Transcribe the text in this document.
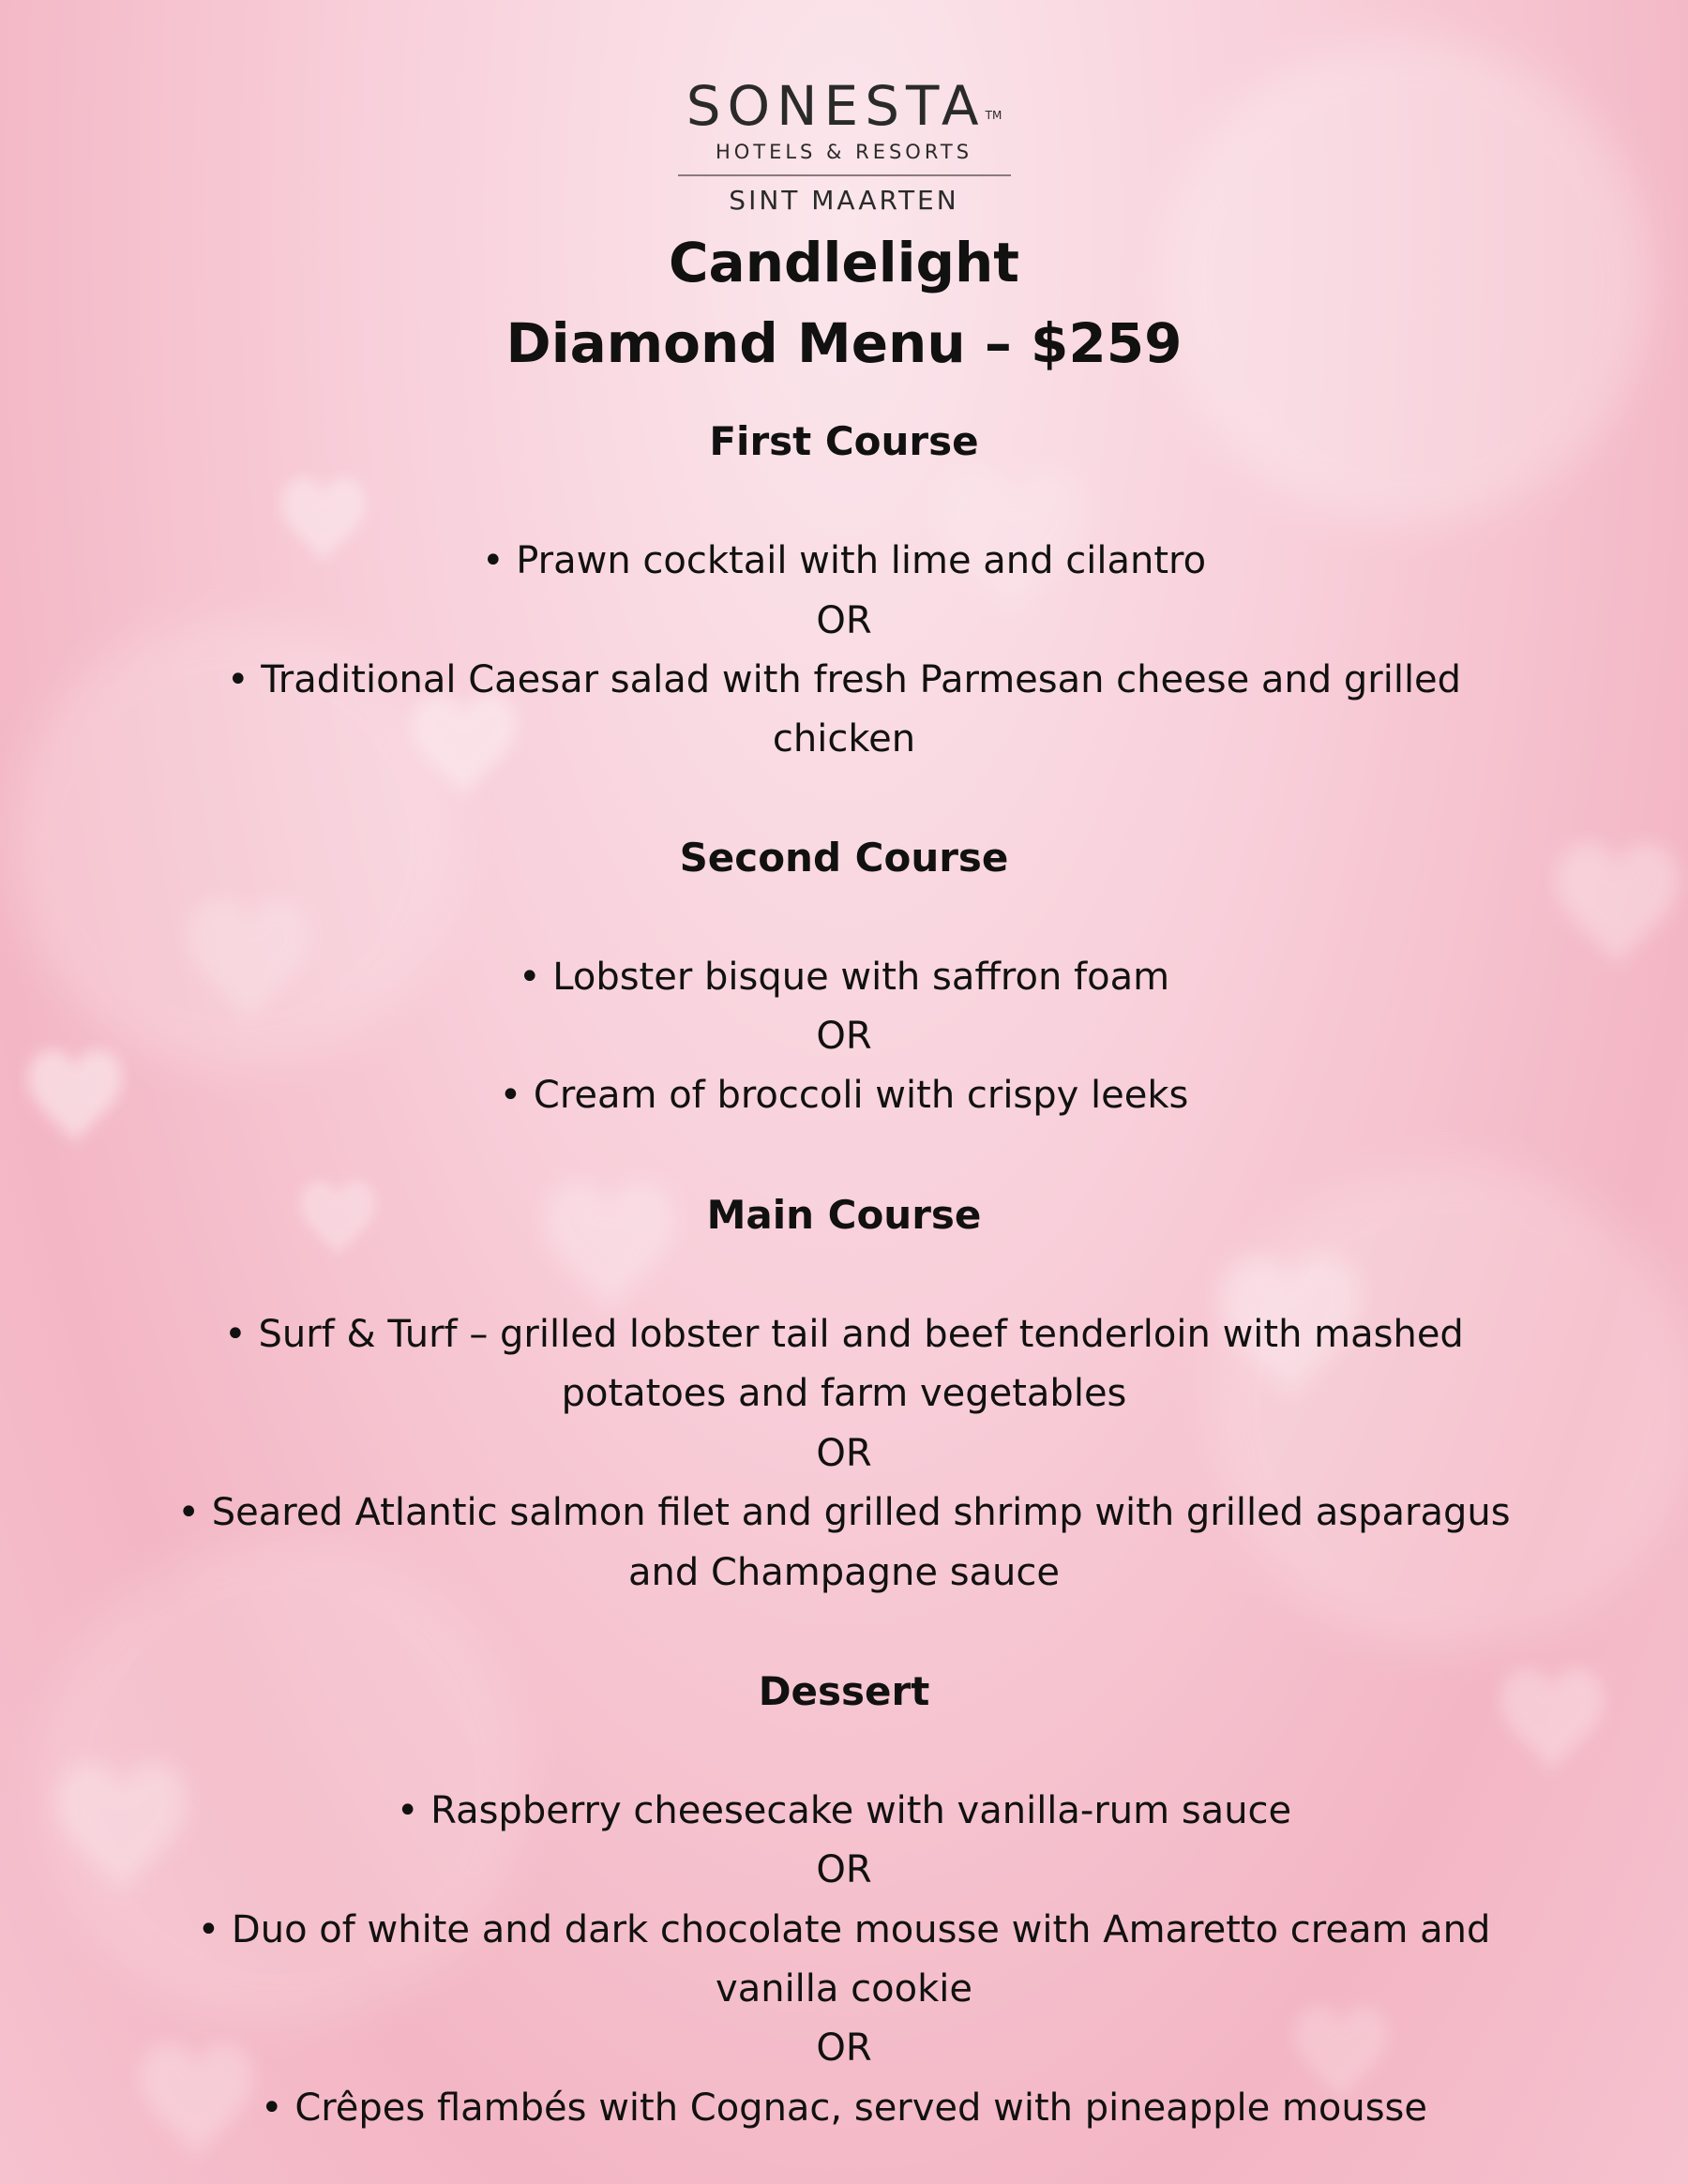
SONESTA™
HOTELS & RESORTS
SINT MAARTEN
Candlelight
Diamond Menu – $259
First Course
• Prawn cocktail with lime and cilantro
OR
• Traditional Caesar salad with fresh Parmesan cheese and grilled
chicken
Second Course
• Lobster bisque with saffron foam
OR
• Cream of broccoli with crispy leeks
Main Course
• Surf & Turf – grilled lobster tail and beef tenderloin with mashed
potatoes and farm vegetables
OR
• Seared Atlantic salmon filet and grilled shrimp with grilled asparagus
and Champagne sauce
Dessert
• Raspberry cheesecake with vanilla-rum sauce
OR
• Duo of white and dark chocolate mousse with Amaretto cream and
vanilla cookie
OR
• Crêpes flambés with Cognac, served with pineapple mousse
